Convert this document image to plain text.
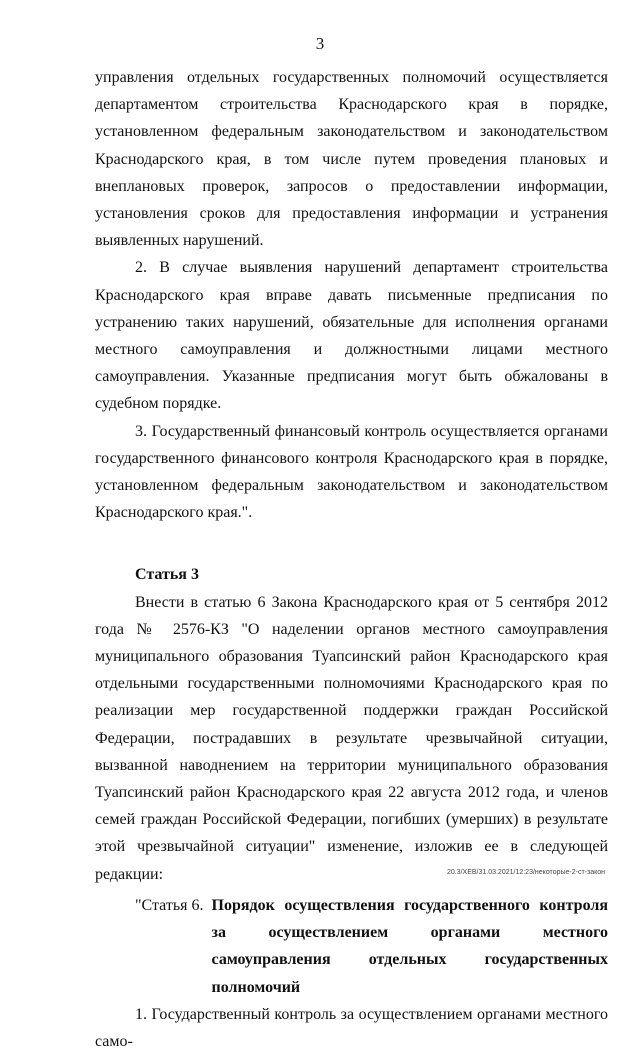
3

управления отдельных государственных полномочий осуществляется департаментом строительства Краснодарского края в порядке, установленном федеральным законодательством и законодательством Краснодарского края, в том числе путем проведения плановых и внеплановых проверок, запросов о предоставлении информации, установления сроков для предоставления информации и устранения выявленных нарушений.

2. В случае выявления нарушений департамент строительства Краснодарского края вправе давать письменные предписания по устранению таких нарушений, обязательные для исполнения органами местного самоуправления и должностными лицами местного самоуправления. Указанные предписания могут быть обжалованы в судебном порядке.

3. Государственный финансовый контроль осуществляется органами государственного финансового контроля Краснодарского края в порядке, установленном федеральным законодательством и законодательством Краснодарского края.".

Статья 3

Внести в статью 6 Закона Краснодарского края от 5 сентября 2012 года № 2576-КЗ "О наделении органов местного самоуправления муниципального образования Туапсинский район Краснодарского края отдельными государственными полномочиями Краснодарского края по реализации мер государственной поддержки граждан Российской Федерации, пострадавших в результате чрезвычайной ситуации, вызванной наводнением на территории муниципального образования Туапсинский район Краснодарского края 22 августа 2012 года, и членов семей граждан Российской Федерации, погибших (умерших) в результате этой чрезвычайной ситуации" изменение, изложив ее в следующей редакции:

"Статья 6. Порядок осуществления государственного контроля за осуществлением органами местного самоуправления отдельных государственных полномочий

1. Государственный контроль за осуществлением органами местного само-

20.3/ХЕВ/31.03.2021/12:23/некоторые-2-ст-закон
